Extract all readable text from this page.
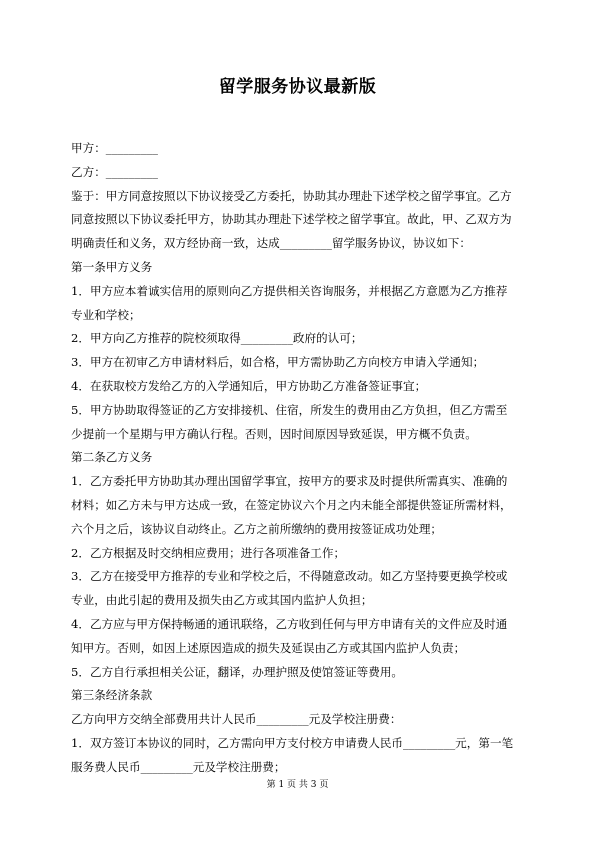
留学服务协议最新版
甲方：_________
乙方：_________
鉴于：甲方同意按照以下协议接受乙方委托，协助其办理赴下述学校之留学事宜。乙方
同意按照以下协议委托甲方，协助其办理赴下述学校之留学事宜。故此，甲、乙双方为
明确责任和义务，双方经协商一致，达成_________留学服务协议，协议如下：
第一条甲方义务
1．甲方应本着诚实信用的原则向乙方提供相关咨询服务，并根据乙方意愿为乙方推荐
专业和学校；
2．甲方向乙方推荐的院校须取得_________政府的认可；
3．甲方在初审乙方申请材料后，如合格，甲方需协助乙方向校方申请入学通知；
4．在获取校方发给乙方的入学通知后，甲方协助乙方准备签证事宜；
5．甲方协助取得签证的乙方安排接机、住宿，所发生的费用由乙方负担，但乙方需至
少提前一个星期与甲方确认行程。否则，因时间原因导致延误，甲方概不负责。
第二条乙方义务
1．乙方委托甲方协助其办理出国留学事宜，按甲方的要求及时提供所需真实、准确的
材料；如乙方未与甲方达成一致，在签定协议六个月之内未能全部提供签证所需材料，
六个月之后，该协议自动终止。乙方之前所缴纳的费用按签证成功处理；
2．乙方根据及时交纳相应费用；进行各项准备工作；
3．乙方在接受甲方推荐的专业和学校之后，不得随意改动。如乙方坚持要更换学校或
专业，由此引起的费用及损失由乙方或其国内监护人负担；
4．乙方应与甲方保持畅通的通讯联络，乙方收到任何与甲方申请有关的文件应及时通
知甲方。否则，如因上述原因造成的损失及延误由乙方或其国内监护人负责；
5．乙方自行承担相关公证，翻译，办理护照及使馆签证等费用。
第三条经济条款
乙方向甲方交纳全部费用共计人民币_________元及学校注册费：
1．双方签订本协议的同时，乙方需向甲方支付校方申请费人民币_________元，第一笔
服务费人民币_________元及学校注册费；
第 1 页 共 3 页
